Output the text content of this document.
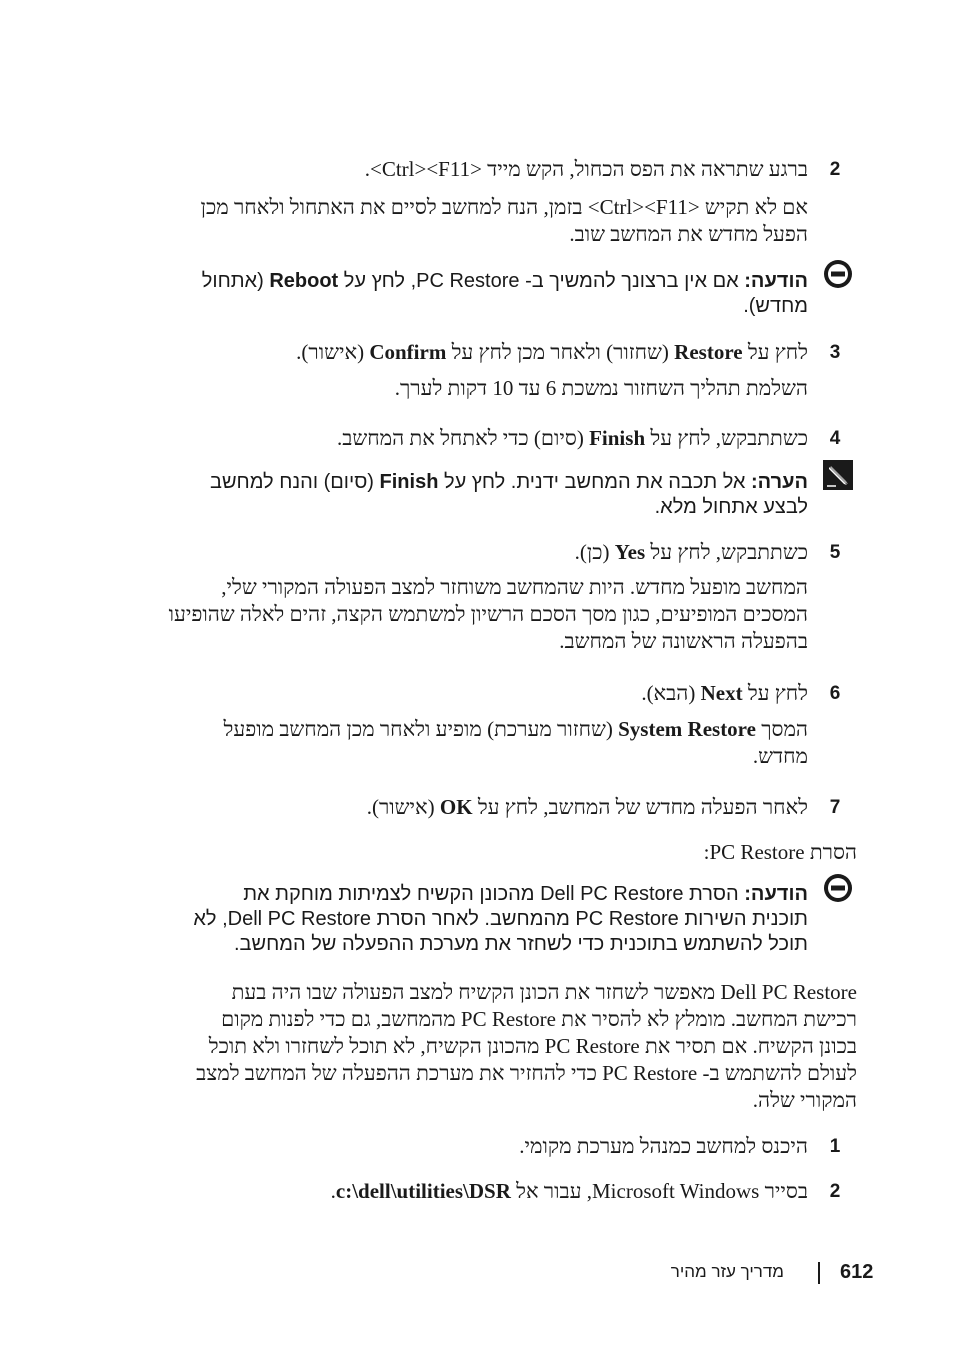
2
ברגע שתראה את הפס הכחול, הקש מייד <Ctrl><F11>.
אם לא תקיש <Ctrl><F11> בזמן, הנח למחשב לסיים את האתחול ולאחר מכן
הפעל מחדש את המחשב שוב.
הודעה: אם אין ברצונך להמשיך ב- PC Restore, לחץ על Reboot (אתחול
מחדש).
3
לחץ על Restore (שחזור) ולאחר מכן לחץ על Confirm (אישור).
השלמת תהליך השחזור נמשכת 6 עד 10 דקות לערך.
4
כשתתבקש, לחץ על Finish (סיום) כדי לאתחל את המחשב.
הערה: אל תכבה את המחשב ידנית. לחץ על Finish (סיום) והנח למחשב
לבצע אתחול מלא.
5
כשתתבקש, לחץ על Yes (כן).
המחשב מופעל מחדש. היות שהמחשב משוחזר למצב הפעולה המקורי שלי,
המסכים המופיעים, כגון מסך הסכם הרשיון למשתמש הקצה, זהים לאלה שהופיעו
בהפעלה הראשונה של המחשב.
6
לחץ על Next (הבא).
המסך System Restore (שחזור מערכת) מופיע ולאחר מכן המחשב מופעל
מחדש.
7
לאחר הפעלה מחדש של המחשב, לחץ על OK (אישור).
הסרת PC Restore:
הודעה: הסרת Dell PC Restore מהכונן הקשיח לצמיתות מוחקת את
תוכנית השירות PC Restore מהמחשב. לאחר הסרת Dell PC Restore, לא
תוכל להשתמש בתוכנית כדי לשחזר את מערכת ההפעלה של המחשב.
Dell PC Restore מאפשר לשחזר את הכונן הקשיח למצב הפעולה שבו היה בעת
רכישת המחשב. מומלץ לא להסיר את PC Restore מהמחשב, גם כדי לפנות מקום
בכונן הקשיח. אם תסיר את PC Restore מהכונן הקשיח, לא תוכל לשחזרו ולא תוכל
לעולם להשתמש ב- PC Restore כדי להחזיר את מערכת ההפעלה של המחשב למצב
המקורי שלה.
1
היכנס למחשב כמנהל מערכת מקומי.
2
בסייר Microsoft Windows, עבור אל c:\dell\utilities\DSR.
612
מדריך עזר מהיר
